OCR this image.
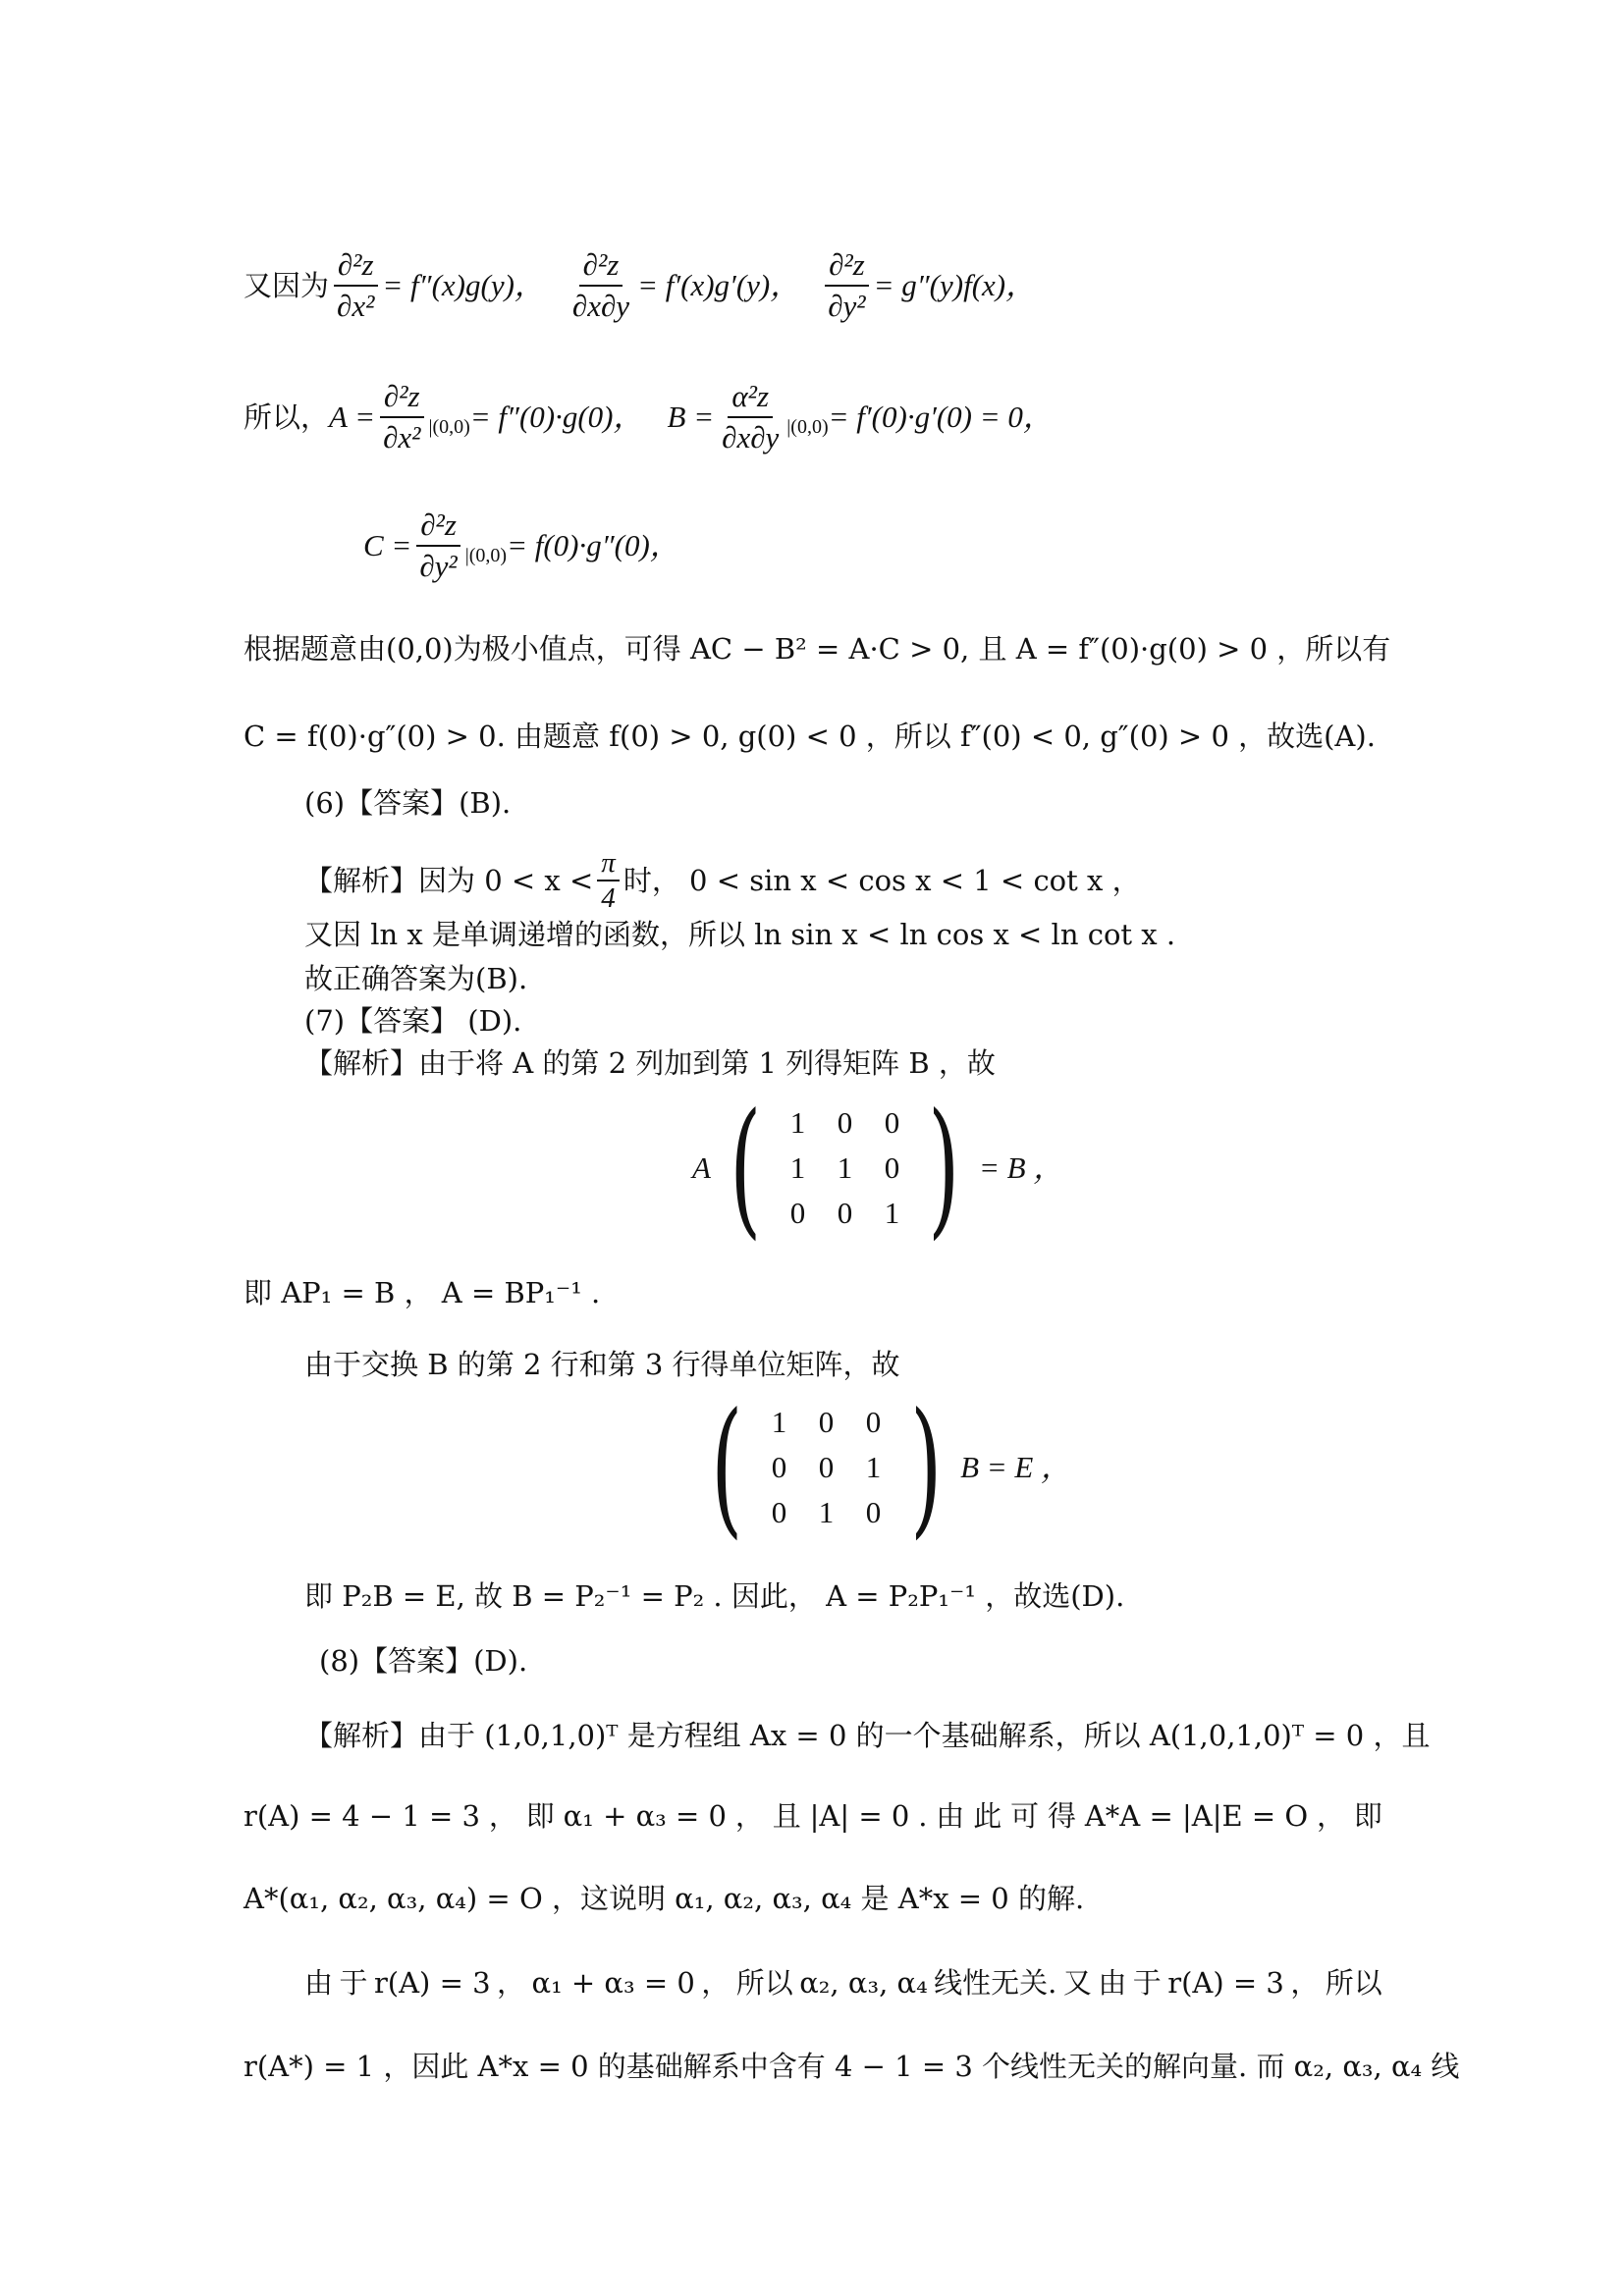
又因为 $\frac{\text{∂²z}}{\text{∂x²}} = f''(x)g(y)$， $\frac{\text{∂²z}}{\partial x\partial y} = f'(x)g'(y)$， $\frac{\text{∂²z}}{\text{∂y²}} = g''(y)f(x)$，
所以， $A = \frac{\text{∂²z}}{\text{∂x²}} |(0,0) = f''(0)\cdot g(0)$， $B = \frac{\text{α²z}}{\partial x\partial y} |(0,0) = f'(0)\cdot g'(0) = 0$，
$C = \frac{\text{∂²z}}{\text{∂y²}} |(0,0) = f(0)\cdot g''(0)$，
根据题意由(0,0)为极小值点，可得 AC − B² = A·C > 0, 且 A = f″(0)·g(0) > 0 ，所以有
C = f(0)·g″(0) > 0. 由题意 f(0) > 0, g(0) < 0 ，所以 f″(0) < 0, g″(0) > 0 ，故选(A).
(6)【答案】(B).
【解析】因为 $0 < x < \frac{\pi}{4}$ 时， 0 < sin x < cos x < 1 < cot x ，
又因 ln x 是单调递增的函数，所以 ln sin x < ln cos x < ln cot x .
故正确答案为(B).
(7)【答案】 (D).
【解析】由于将 A 的第 2 列加到第 1 列得矩阵 B ，故
A ( 1	0	0
1	1	0
0	0	1 ) = B ，
即 AP₁ = B ， A = BP₁⁻¹ .
由于交换 B 的第 2 行和第 3 行得单位矩阵，故
( 1	0	0
0	0	1
0	1	0 ) B = E ，
即 P₂B = E, 故 B = P₂⁻¹ = P₂ . 因此， A = P₂P₁⁻¹ ，故选(D).
(8)【答案】(D).
【解析】由于 (1,0,1,0)ᵀ 是方程组 Ax = 0 的一个基础解系，所以 A(1,0,1,0)ᵀ = 0 ，且
r(A) = 4 − 1 = 3 ， 即 α₁ + α₃ = 0 ， 且 |A| = 0 . 由 此 可 得 A*A = |A|E = O ， 即
A*(α₁, α₂, α₃, α₄) = O ，这说明 α₁, α₂, α₃, α₄ 是 A*x = 0 的解.
由 于 r(A) = 3 ， α₁ + α₃ = 0 ， 所以 α₂, α₃, α₄ 线性无关. 又 由 于 r(A) = 3 ， 所以
r(A*) = 1 ，因此 A*x = 0 的基础解系中含有 4 − 1 = 3 个线性无关的解向量. 而 α₂, α₃, α₄ 线
